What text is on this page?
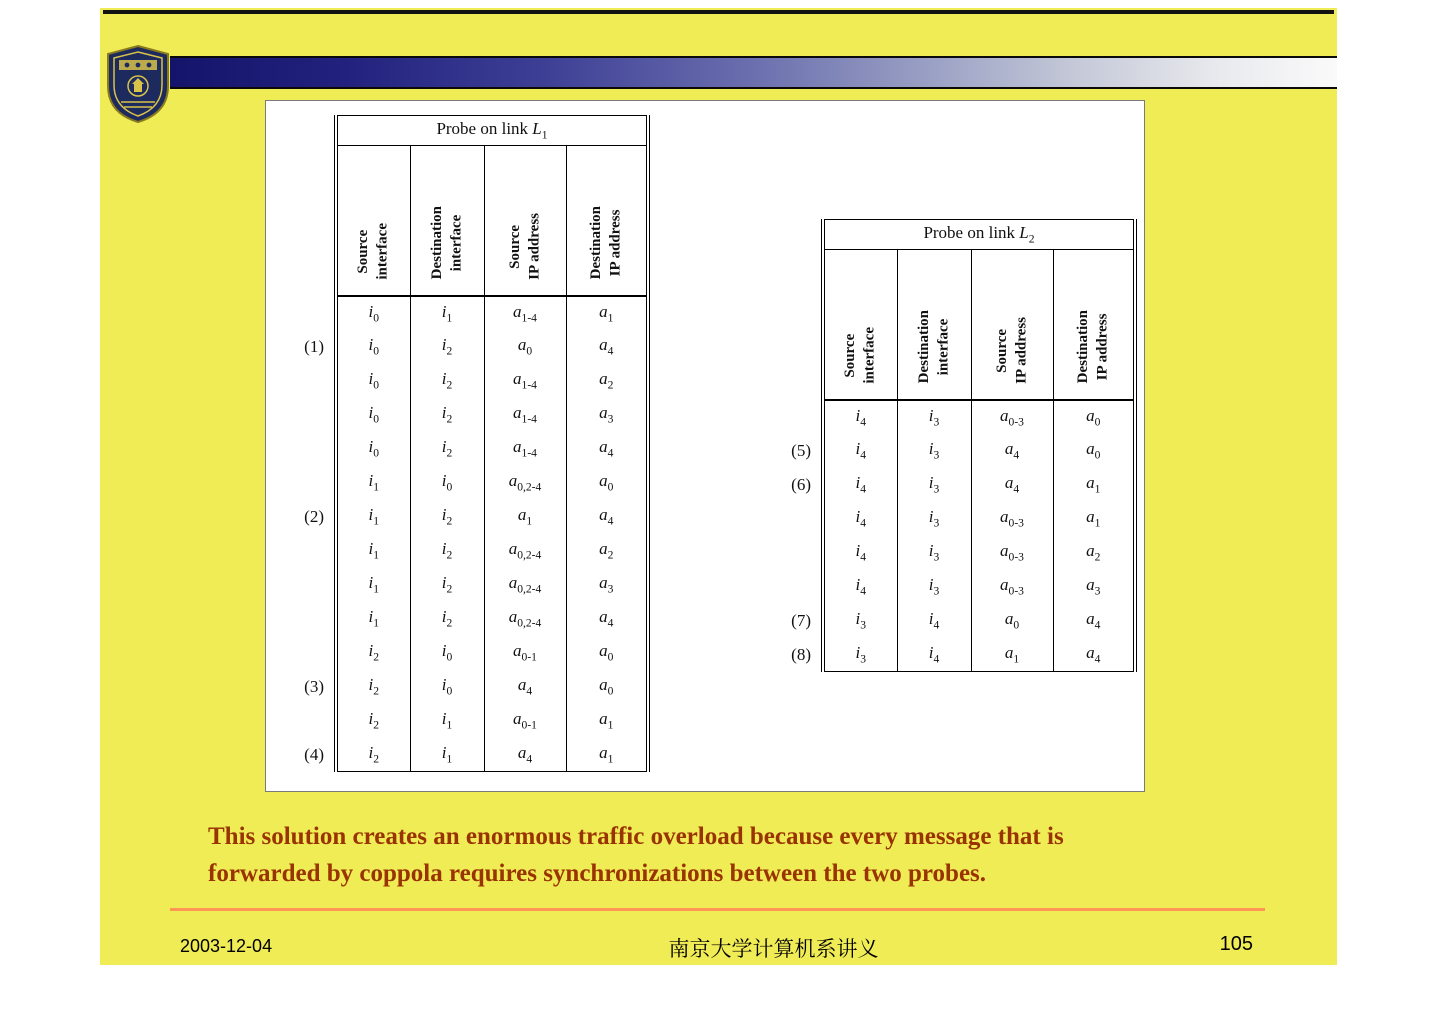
	Probe on link $L_1$

	Source interface	Destination interface	Source IP address	Destination IP address

	$i_0$	$i_1$	$a_{1-4}$	$a_1$
(1)	$i_0$	$i_2$	$a_0$	$a_4$
	$i_0$	$i_2$	$a_{1-4}$	$a_2$
	$i_0$	$i_2$	$a_{1-4}$	$a_3$
	$i_0$	$i_2$	$a_{1-4}$	$a_4$
	$i_1$	$i_0$	$a_{0,2-4}$	$a_0$
(2)	$i_1$	$i_2$	$a_1$	$a_4$
	$i_1$	$i_2$	$a_{0,2-4}$	$a_2$
	$i_1$	$i_2$	$a_{0,2-4}$	$a_3$
	$i_1$	$i_2$	$a_{0,2-4}$	$a_4$
	$i_2$	$i_0$	$a_{0-1}$	$a_0$
(3)	$i_2$	$i_0$	$a_4$	$a_0$
	$i_2$	$i_1$	$a_{0-1}$	$a_1$
(4)	$i_2$	$i_1$	$a_4$	$a_1$
	Probe on link $L_2$

	Source interface	Destination interface	Source IP address	Destination IP address

	$i_4$	$i_3$	$a_{0-3}$	$a_0$
(5)	$i_4$	$i_3$	$a_4$	$a_0$
(6)	$i_4$	$i_3$	$a_4$	$a_1$
	$i_4$	$i_3$	$a_{0-3}$	$a_1$
	$i_4$	$i_3$	$a_{0-3}$	$a_2$
	$i_4$	$i_3$	$a_{0-3}$	$a_3$
(7)	$i_3$	$i_4$	$a_0$	$a_4$
(8)	$i_3$	$i_4$	$a_1$	$a_4$
This solution creates an enormous traffic overload because every message that is
forwarded by coppola requires synchronizations between the two probes.
2003-12-04	南京大学计算机系讲义	105
